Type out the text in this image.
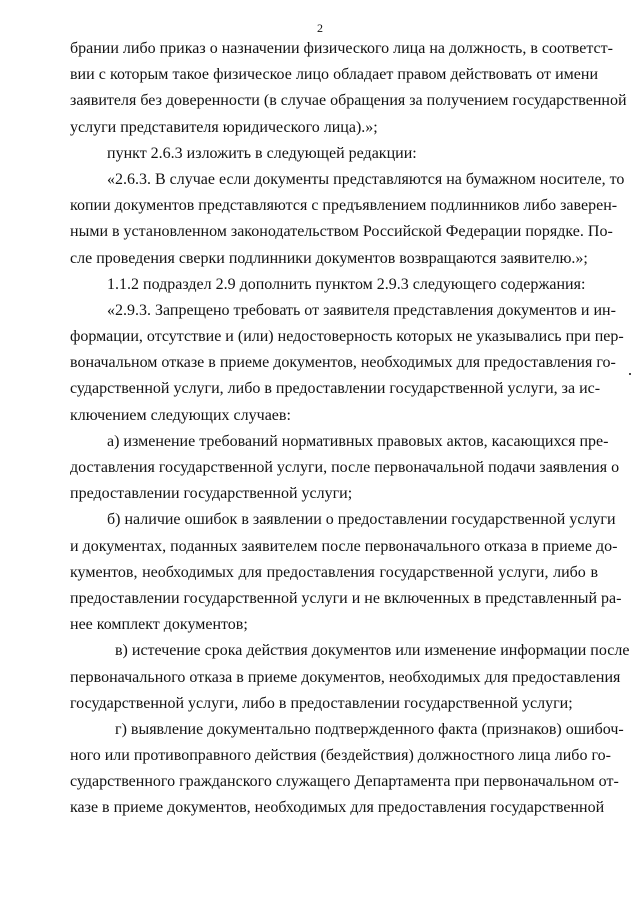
2
брании либо приказ о назначении физического лица на должность, в соответст-
вии с которым такое физическое лицо обладает правом действовать от имени
заявителя без доверенности (в случае обращения за получением государственной
услуги представителя юридического лица).»;
пункт 2.6.3 изложить в следующей редакции:
«2.6.3. В случае если документы представляются на бумажном носителе, то
копии документов представляются с предъявлением подлинников либо заверен-
ными в установленном законодательством Российской Федерации порядке. По-
сле проведения сверки подлинники документов возвращаются заявителю.»;
1.1.2 подраздел 2.9 дополнить пунктом 2.9.3 следующего содержания:
«2.9.3. Запрещено требовать от заявителя представления документов и ин-
формации, отсутствие и (или) недостоверность которых не указывались при пер-
воначальном отказе в приеме документов, необходимых для предоставления го-
сударственной услуги, либо в предоставлении государственной услуги, за ис-
ключением следующих случаев:
а) изменение требований нормативных правовых актов, касающихся пре-
доставления государственной услуги, после первоначальной подачи заявления о
предоставлении государственной услуги;
б) наличие ошибок в заявлении о предоставлении государственной услуги
и документах, поданных заявителем после первоначального отказа в приеме до-
кументов, необходимых для предоставления государственной услуги, либо в
предоставлении государственной услуги и не включенных в представленный ра-
нее комплект документов;
в) истечение срока действия документов или изменение информации после
первоначального отказа в приеме документов, необходимых для предоставления
государственной услуги, либо в предоставлении государственной услуги;
г) выявление документально подтвержденного факта (признаков) ошибоч-
ного или противоправного действия (бездействия) должностного лица либо го-
сударственного гражданского служащего Департамента при первоначальном от-
казе в приеме документов, необходимых для предоставления государственной
